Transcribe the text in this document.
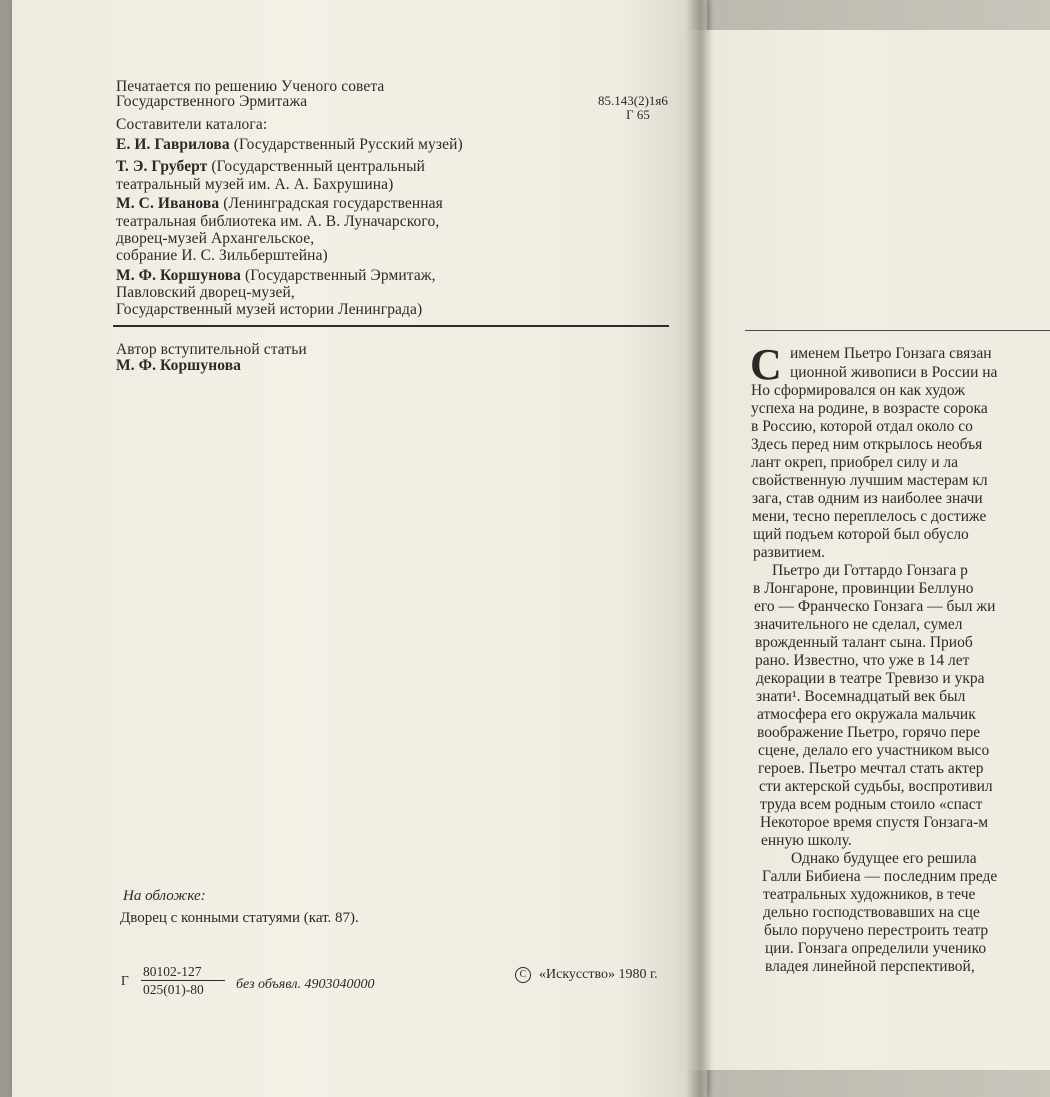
Печатается по решению Ученого совета
Государственного Эрмитажа	85.143(2)1я6
Г 65
Составители каталога:
Е. И. Гаврилова (Государственный Русский музей)
Т. Э. Груберт (Государственный центральный
театральный музей им. А. А. Бахрушина)
М. С. Иванова (Ленинградская государственная
театральная библиотека им. А. В. Луначарского,
дворец-музей Архангельское,
собрание И. С. Зильберштейна)
М. Ф. Коршунова (Государственный Эрмитаж,
Павловский дворец-музей,
Государственный музей истории Ленинграда)
Автор вступительной статьи
М. Ф. Коршунова
На обложке:
Дворец с конными статуями (кат. 87).
Г
80102-127
025(01)-80 без объявл. 4903040000
C «Искусство» 1980 г.
С именем Пьетро Гонзага связан
ционной живописи в России на
Но сформировался он как худож
успеха на родине, в возрасте сорока
в Россию, которой отдал около со
Здесь перед ним открылось необъя
лант окреп, приобрел силу и ла
свойственную лучшим мастерам кл
зага, став одним из наиболее значи
мени, тесно переплелось с достиже
щий подъем которой был обусло
развитием.
Пьетро ди Готтардо Гонзага р
в Лонгароне, провинции Беллуно
его — Франческо Гонзага — был жи
значительного не сделал, сумел
врожденный талант сына. Приоб
рано. Известно, что уже в 14 лет
декорации в театре Тревизо и укра
знати¹. Восемнадцатый век был
атмосфера его окружала мальчик
воображение Пьетро, горячо пере
сцене, делало его участником высо
героев. Пьетро мечтал стать актер
сти актерской судьбы, воспротивил
труда всем родным стоило «спаст
Некоторое время спустя Гонзага-м
енную школу.
Однако будущее его решила
Галли Бибиена — последним преде
театральных художников, в тече
дельно господствовавших на сце
было поручено перестроить театр
ции. Гонзага определили ученико
владея линейной перспективой,
